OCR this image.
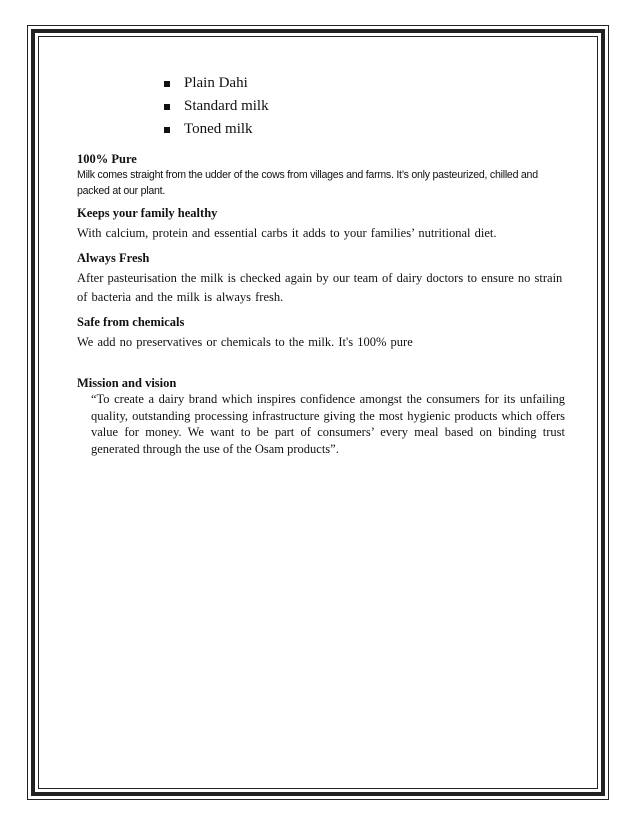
Plain Dahi
Standard milk
Toned milk

100% Pure

Milk comes straight from the udder of the cows from villages and farms. It’s only pasteurized, chilled and packed at our plant.

Keeps your family healthy

With calcium, protein and essential carbs it adds to your families’ nutritional diet.

Always Fresh

After pasteurisation the milk is checked again by our team of dairy doctors to ensure no strain of bacteria and the milk is always fresh.

Safe from chemicals

We add no preservatives or chemicals to the milk. It's 100% pure

Mission and vision

“To create a dairy brand which inspires confidence amongst the consumers for its unfailing quality, outstanding processing infrastructure giving the most hygienic products which offers value for money. We want to be part of consumers’ every meal based on binding trust generated through the use of the Osam products”.
